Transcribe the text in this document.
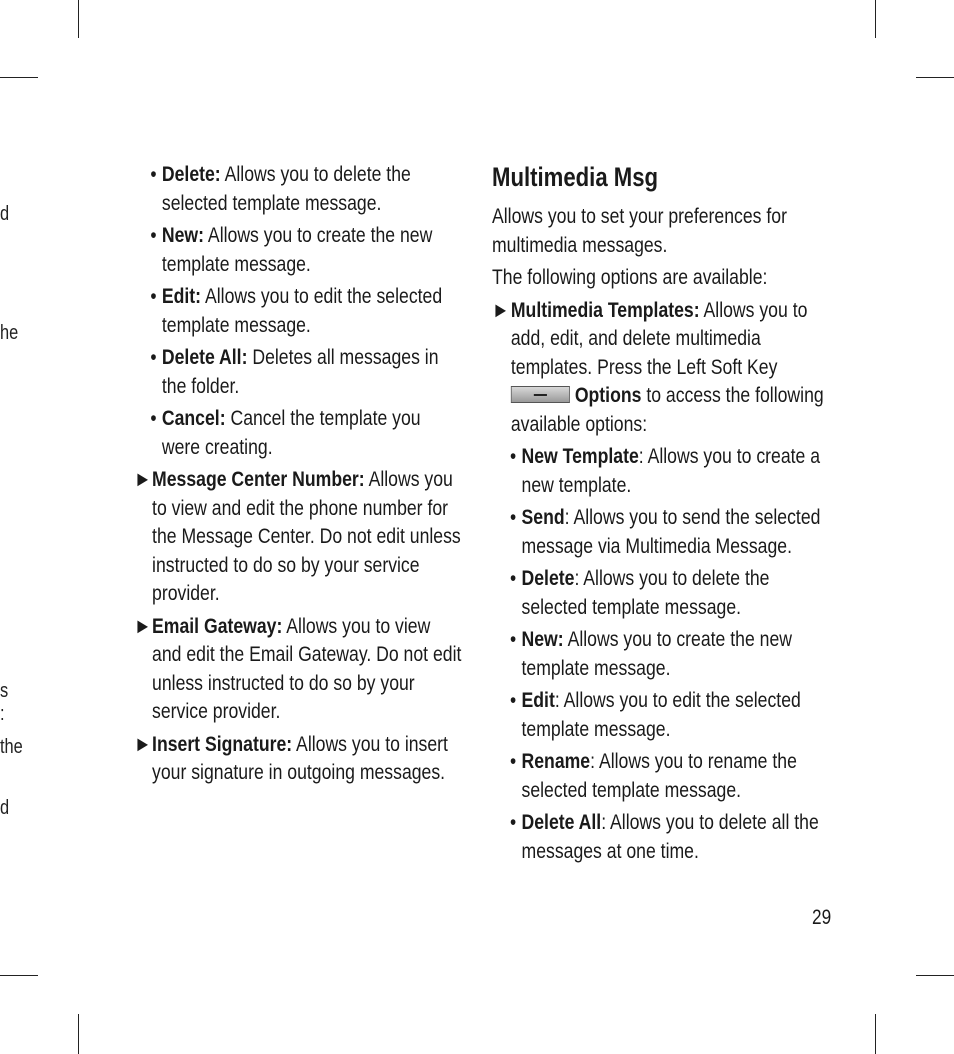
d
he
s
:
the
d
• Delete: Allows you to delete the selected template message.
• New: Allows you to create the new template message.
• Edit: Allows you to edit the selected template message.
• Delete All: Deletes all messages in the folder.
• Cancel: Cancel the template you were creating.
► Message Center Number: Allows you to view and edit the phone number for the Message Center. Do not edit unless instructed to do so by your service provider.
► Email Gateway: Allows you to view and edit the Email Gateway. Do not edit unless instructed to do so by your service provider.
► Insert Signature: Allows you to insert your signature in outgoing messages.
Multimedia Msg
Allows you to set your preferences for multimedia messages.
The following options are available:
► Multimedia Templates: Allows you to add, edit, and delete multimedia templates. Press the Left Soft Key Options to access the following available options:
• New Template: Allows you to create a new template.
• Send: Allows you to send the selected message via Multimedia Message.
• Delete: Allows you to delete the selected template message.
• New: Allows you to create the new template message.
• Edit: Allows you to edit the selected template message.
• Rename: Allows you to rename the selected template message.
• Delete All: Allows you to delete all the messages at one time.
29
